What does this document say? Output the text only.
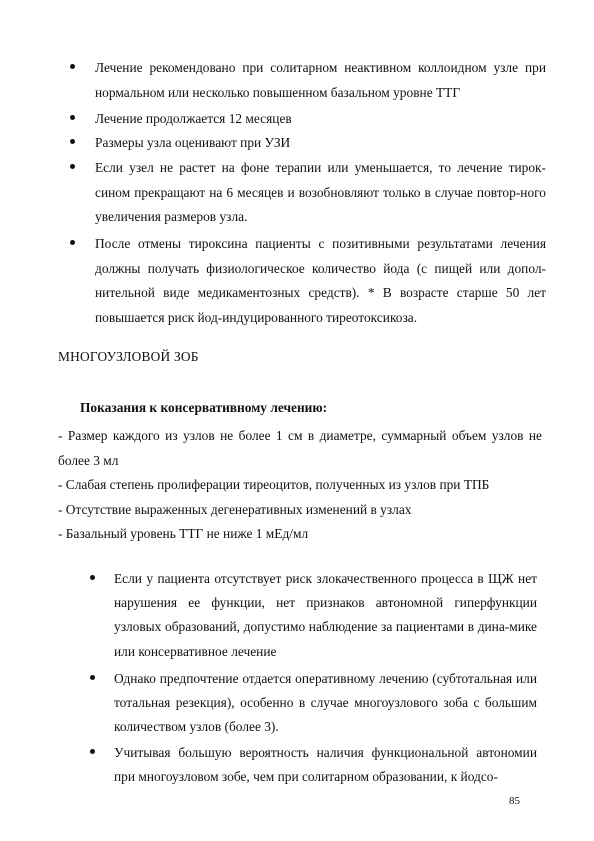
Лечение рекомендовано при солитарном неактивном коллоидном узле при нормальном или несколько повышенном базальном уровне ТТГ

Лечение продолжается 12 месяцев

Размеры узла оценивают при УЗИ

Если узел не растет на фоне терапии или уменьшается, то лечение тирок-сином прекращают на 6 месяцев и возобновляют только в случае повтор-ного увеличения размеров узла.

После отмены тироксина пациенты с позитивными результатами лечения должны получать физиологическое количество йода (с пищей или допол-нительной виде медикаментозных средств). * В возрасте старше 50 лет повышается риск йод-индуцированного тиреотоксикоза.

МНОГОУЗЛОВОЙ ЗОБ

Показания к консервативному лечению:

- Размер каждого из узлов не более 1 см в диаметре, суммарный объем узлов не более 3 мл

- Слабая степень пролиферации тиреоцитов, полученных из узлов при ТПБ

- Отсутствие выраженных дегенеративных изменений в узлах

- Базальный уровень ТТГ не ниже 1 мЕд/мл

Если у пациента отсутствует риск злокачественного процесса в ЩЖ нет нарушения ее функции, нет признаков автономной гиперфункции узловых образований, допустимо наблюдение за пациентами в дина-мике или консервативное лечение

Однако предпочтение отдается оперативному лечению (субтотальная или тотальная резекция), особенно в случае многоузлового зоба с большим количеством узлов (более 3).

Учитывая большую вероятность наличия функциональной автономии при многоузловом зобе, чем при солитарном образовании, к йодсо-

85
